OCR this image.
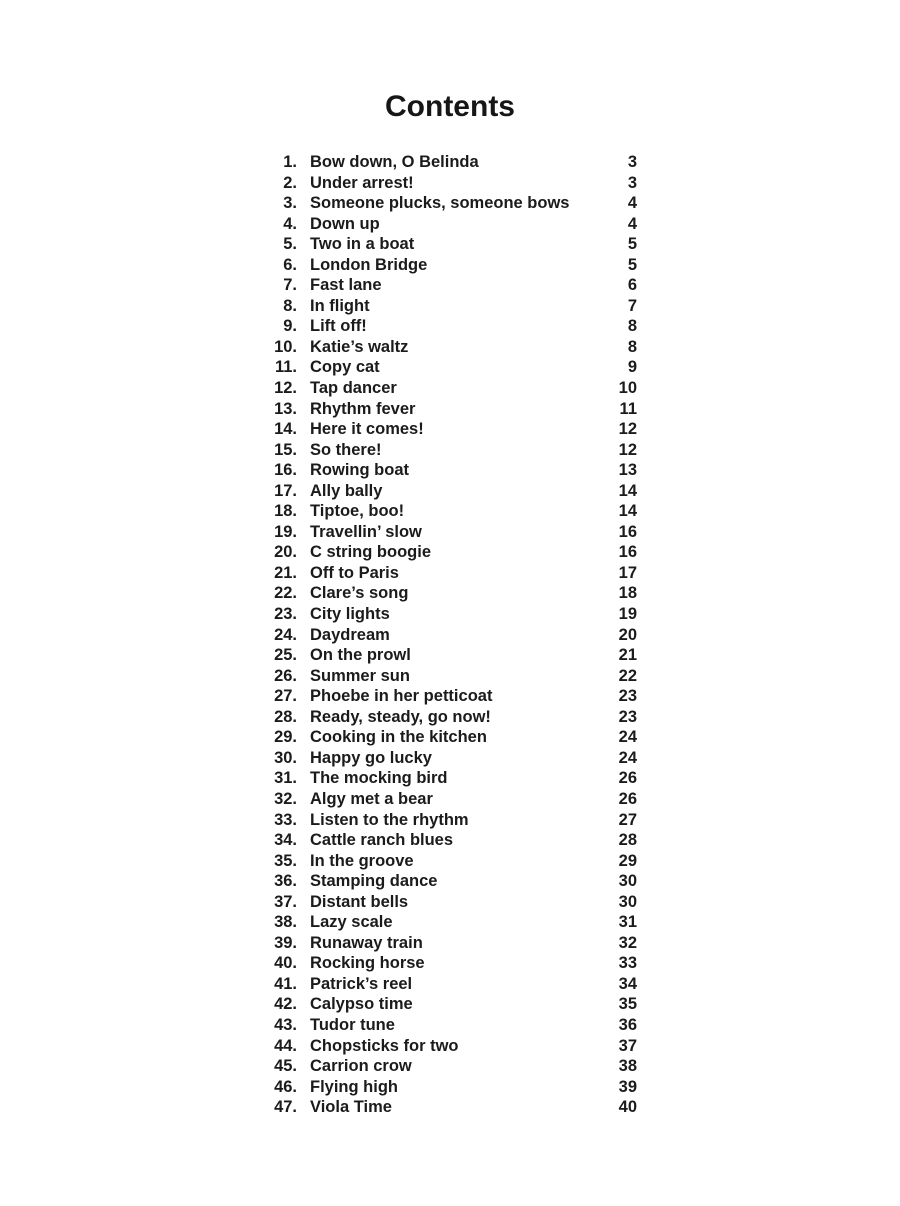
Contents
1. Bow down, O Belinda	3
2. Under arrest!	3
3. Someone plucks, someone bows	4
4. Down up	4
5. Two in a boat	5
6. London Bridge	5
7. Fast lane	6
8. In flight	7
9. Lift off!	8
10. Katie’s waltz	8
11. Copy cat	9
12. Tap dancer	10
13. Rhythm fever	11
14. Here it comes!	12
15. So there!	12
16. Rowing boat	13
17. Ally bally	14
18. Tiptoe, boo!	14
19. Travellin’ slow	16
20. C string boogie	16
21. Off to Paris	17
22. Clare’s song	18
23. City lights	19
24. Daydream	20
25. On the prowl	21
26. Summer sun	22
27. Phoebe in her petticoat	23
28. Ready, steady, go now!	23
29. Cooking in the kitchen	24
30. Happy go lucky	24
31. The mocking bird	26
32. Algy met a bear	26
33. Listen to the rhythm	27
34. Cattle ranch blues	28
35. In the groove	29
36. Stamping dance	30
37. Distant bells	30
38. Lazy scale	31
39. Runaway train	32
40. Rocking horse	33
41. Patrick’s reel	34
42. Calypso time	35
43. Tudor tune	36
44. Chopsticks for two	37
45. Carrion crow	38
46. Flying high	39
47. Viola Time	40
